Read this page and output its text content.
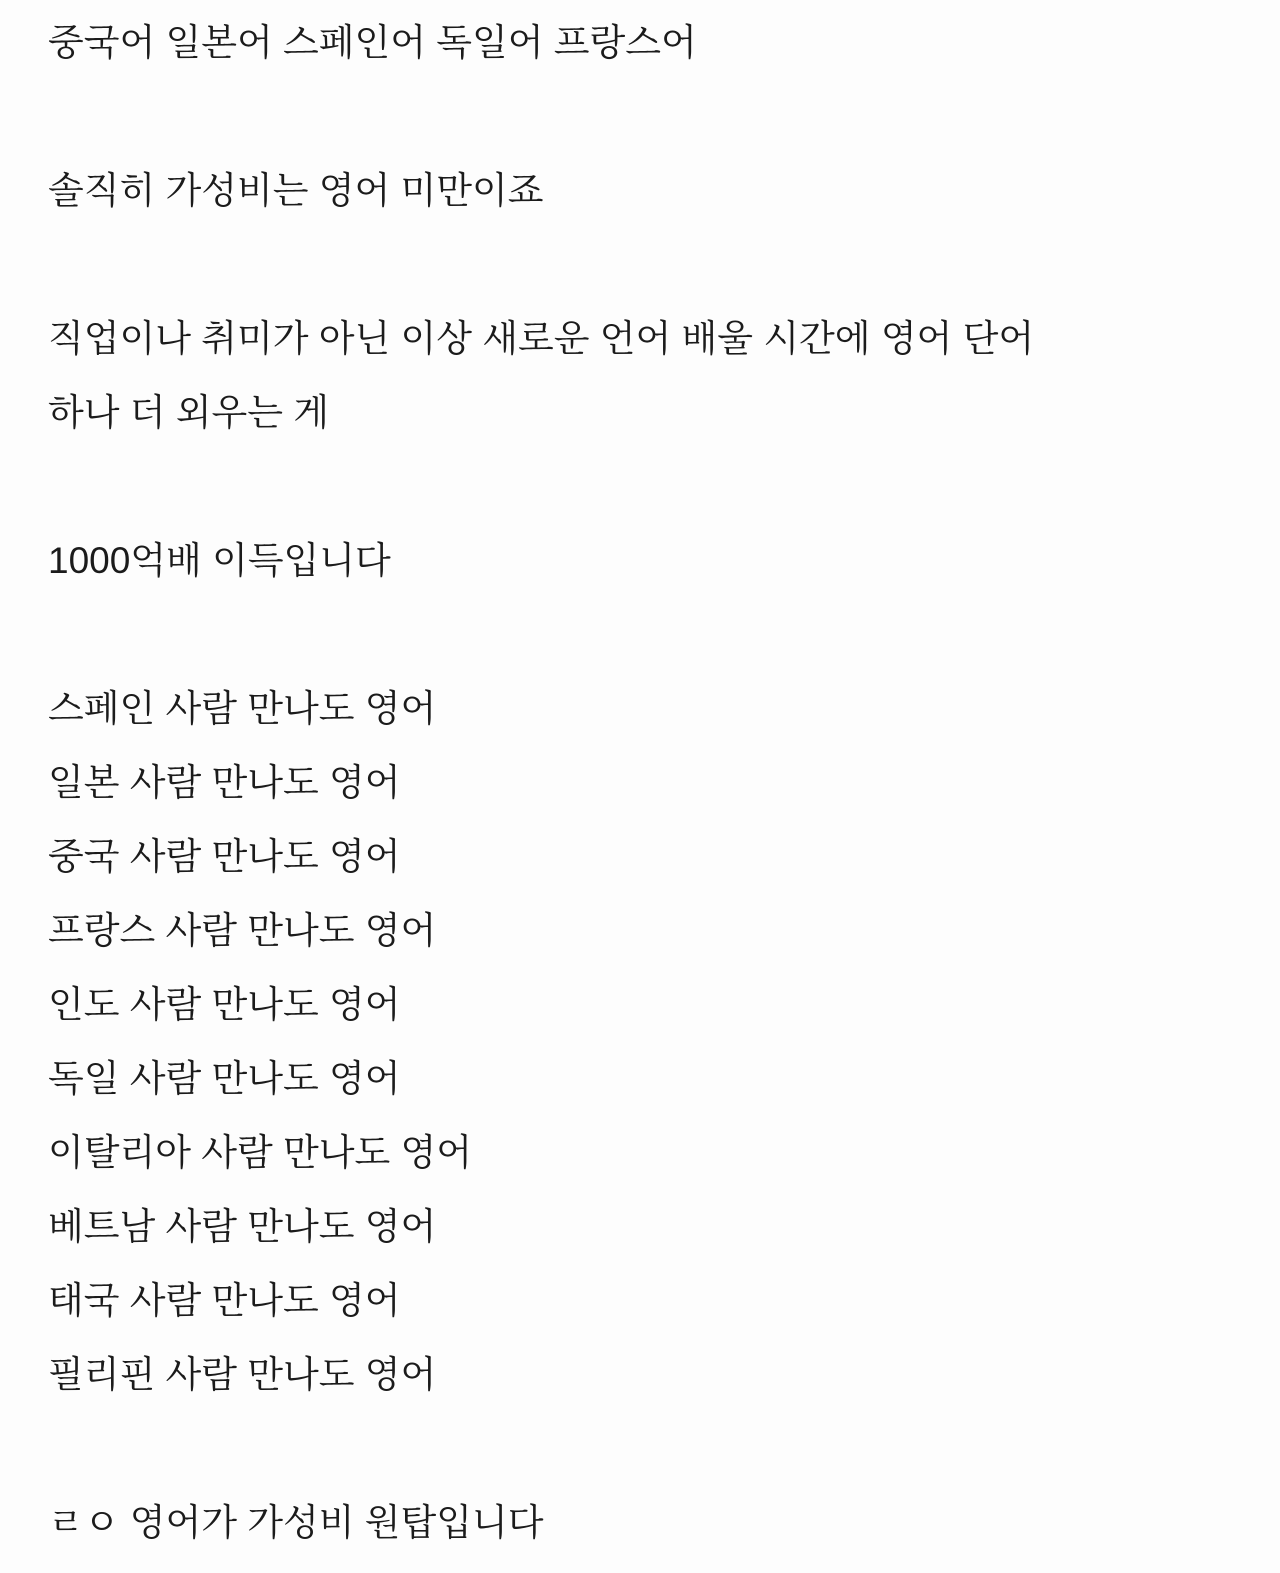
중국어 일본어 스페인어 독일어 프랑스어
솔직히 가성비는 영어 미만이죠
직업이나 취미가 아닌 이상 새로운 언어 배울 시간에 영어 단어
하나 더 외우는 게
1000억배 이득입니다
스페인 사람 만나도 영어
일본 사람 만나도 영어
중국 사람 만나도 영어
프랑스 사람 만나도 영어
인도 사람 만나도 영어
독일 사람 만나도 영어
이탈리아 사람 만나도 영어
베트남 사람 만나도 영어
태국 사람 만나도 영어
필리핀 사람 만나도 영어
ㄹㅇ 영어가 가성비 원탑입니다
